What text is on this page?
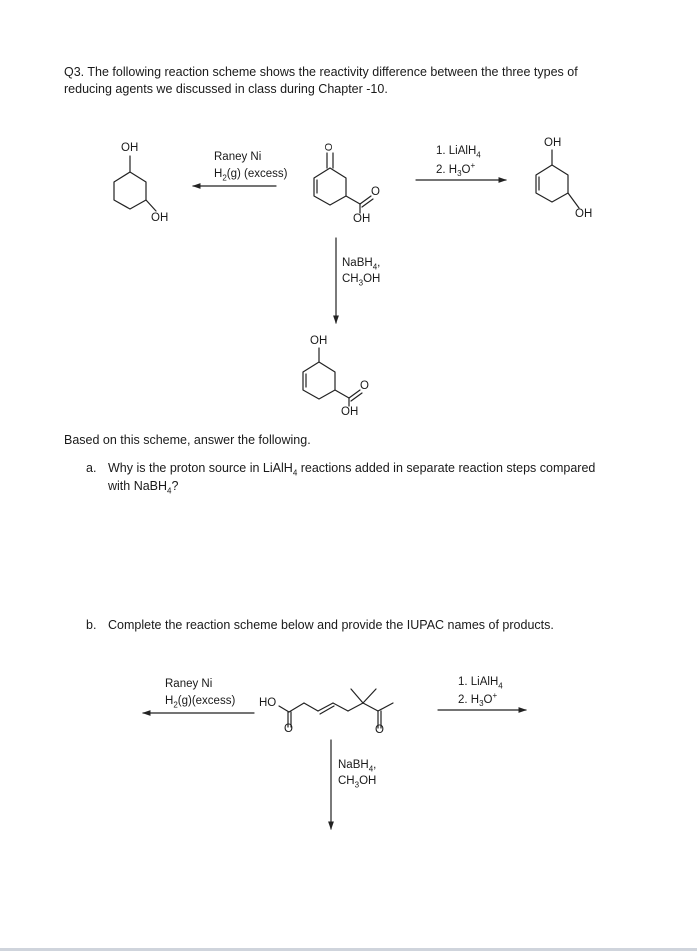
Q3. The following reaction scheme shows the reactivity difference between the three types of
reducing agents we discussed in class during Chapter -10.
OH
OH
O
O
OH
OH
OH
OH
O
OH
Raney Ni
$H_2(g)$ (excess)
1. LiAlH$_4$
2. $H_3O^+$
NaBH$_4$,
$CH_3OH$
Based on this scheme, answer the following.
a. Why is the proton source in LiAlH$_4$ reactions added in separate reaction steps compared
with NaBH$_4$?
b. Complete the reaction scheme below and provide the IUPAC names of products.
Raney Ni
$H_2(g)(excess)$ HO
O	O
1. LiAlH$_4$
2. $H_3O^+$
NaBH$_4$,
$CH_3OH$
